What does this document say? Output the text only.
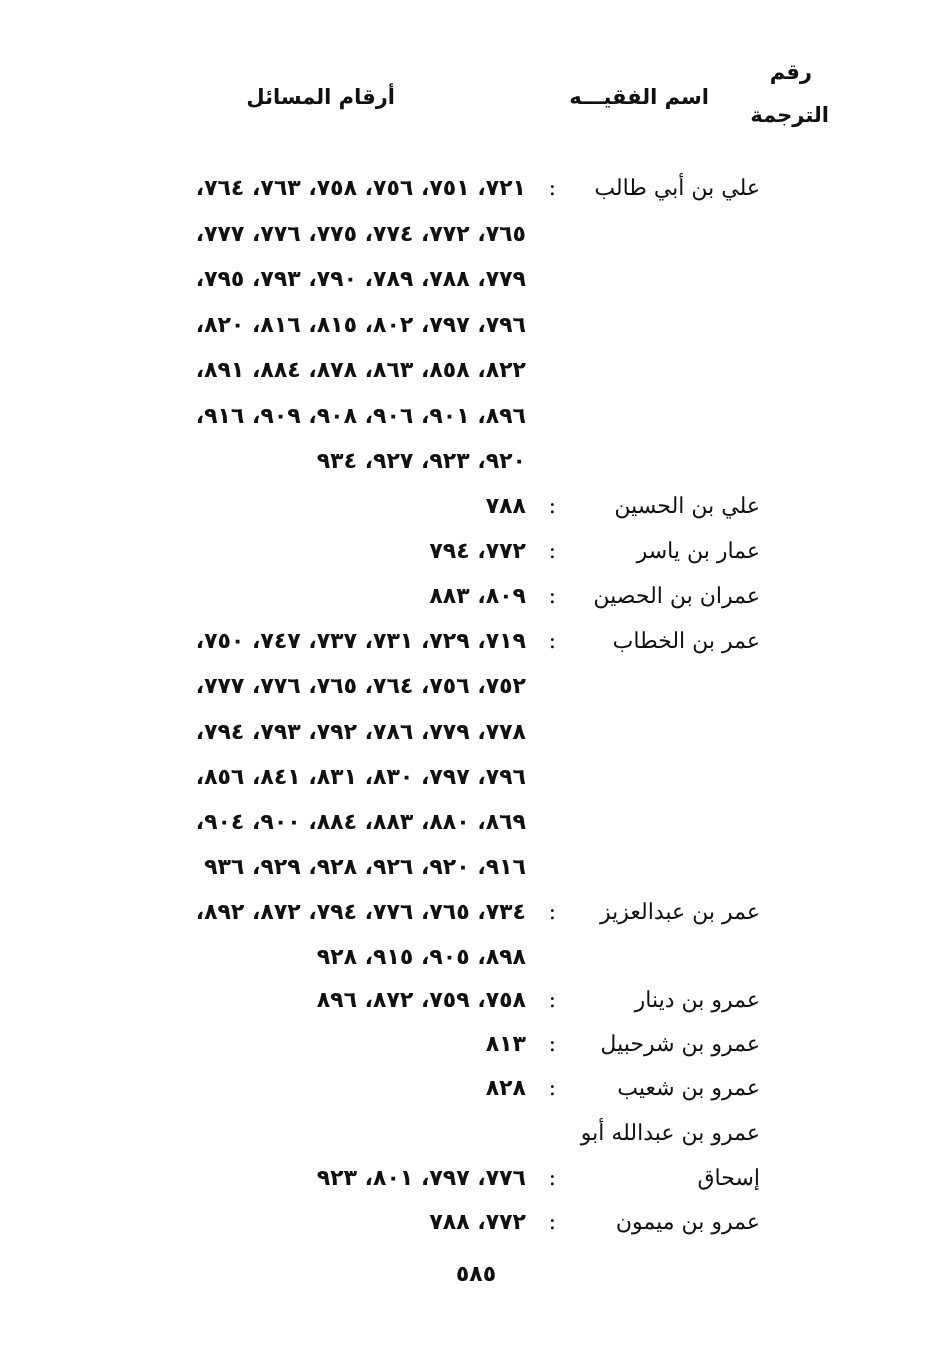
رقم
الترجمة
اسم الفقيـــه
أرقام المسائل
علي بن أبي طالب
:
٧٢١، ٧٥١، ٧٥٦، ٧٥٨، ٧٦٣، ٧٦٤،
٧٦٥، ٧٧٢، ٧٧٤، ٧٧٥، ٧٧٦، ٧٧٧،
٧٧٩، ٧٨٨، ٧٨٩، ٧٩٠، ٧٩٣، ٧٩٥،
٧٩٦، ٧٩٧، ٨٠٢، ٨١٥، ٨١٦، ٨٢٠،
٨٢٢، ٨٥٨، ٨٦٣، ٨٧٨، ٨٨٤، ٨٩١،
٨٩٦، ٩٠١، ٩٠٦، ٩٠٨، ٩٠٩، ٩١٦،
٩٢٠، ٩٢٣، ٩٢٧، ٩٣٤
علي بن الحسين
:
٧٨٨
عمار بن ياسر
:
٧٧٢، ٧٩٤
عمران بن الحصين
:
٨٠٩، ٨٨٣
عمر بن الخطاب
:
٧١٩، ٧٢٩، ٧٣١، ٧٣٧، ٧٤٧، ٧٥٠،
٧٥٢، ٧٥٦، ٧٦٤، ٧٦٥، ٧٧٦، ٧٧٧،
٧٧٨، ٧٧٩، ٧٨٦، ٧٩٢، ٧٩٣، ٧٩٤،
٧٩٦، ٧٩٧، ٨٣٠، ٨٣١، ٨٤١، ٨٥٦،
٨٦٩، ٨٨٠، ٨٨٣، ٨٨٤، ٩٠٠، ٩٠٤،
٩١٦، ٩٢٠، ٩٢٦، ٩٢٨، ٩٢٩، ٩٣٦
عمر بن عبدالعزيز
:
٧٣٤، ٧٦٥، ٧٧٦، ٧٩٤، ٨٧٢، ٨٩٢،
٨٩٨، ٩٠٥، ٩١٥، ٩٢٨
عمرو بن دينار
:
٧٥٨، ٧٥٩، ٨٧٢، ٨٩٦
عمرو بن شرحبيل
:
٨١٣
عمرو بن شعيب
:
٨٢٨
عمرو بن عبدالله أبو
إسحاق
:
٧٧٦، ٧٩٧، ٨٠١، ٩٢٣
عمرو بن ميمون
:
٧٧٢، ٧٨٨
٥٨٥
